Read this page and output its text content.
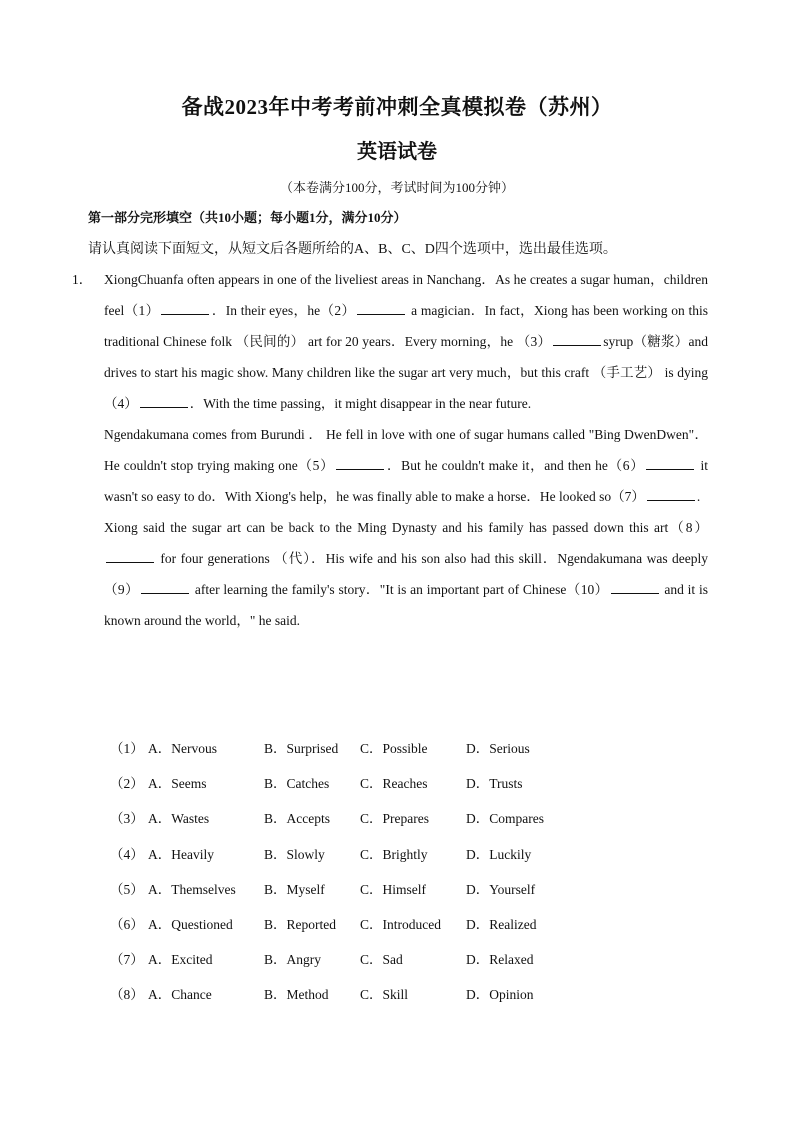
备战2023年中考考前冲刺全真模拟卷（苏州）
英语试卷
（本卷满分100分，考试时间为100分钟）
第一部分完形填空（共10小题；每小题1分，满分10分）
请认真阅读下面短文，从短文后各题所给的A、B、C、D四个选项中，选出最佳选项。

1． XiongChuanfa often appears in one of the liveliest areas in Nanchang．As he creates a sugar human，children feel（1）	．In their eyes，he（2）	a magician．In fact，Xiong has been working on this traditional Chinese folk （民间的） art for 20 years．Every morning，he （3）	syrup（糖浆）and drives to start his magic show. Many children like the sugar art very much，but this craft （手工艺） is dying（4）	．With the time passing，it might disappear in the near future.

Ngendakumana comes from Burundi ． He fell in love with one of sugar humans called "Bing DwenDwen"．He couldn't stop trying making one（5）	．But he couldn't make it，and then he（6）	it wasn't so easy to do．With Xiong's help，he was finally able to make a horse．He looked so（7）	.

Xiong said the sugar art can be back to the Ming Dynasty and his family has passed down this art（8） for four generations （代）．His wife and his son also had this skill．Ngendakumana was deeply（9）	after learning the family's story．"It is an important part of Chinese（10）	and it is known around the world，" he said.

（1） A．Nervous	B．Surprised C．Possible	D．Serious
（2） A．Seems	B．Catches C．Reaches	D．Trusts
（3） A．Wastes	B．Accepts C．Prepares	D．Compares
（4） A．Heavily	B．Slowly	C．Brightly	D．Luckily
（5） A．Themselves B．Myself	C．Himself	D．Yourself
（6） A．Questioned B．Reported C．Introduced D．Realized
（7） A．Excited	B．Angry	C．Sad	D．Relaxed
（8） A．Chance	B．Method C．Skill	D．Opinion
